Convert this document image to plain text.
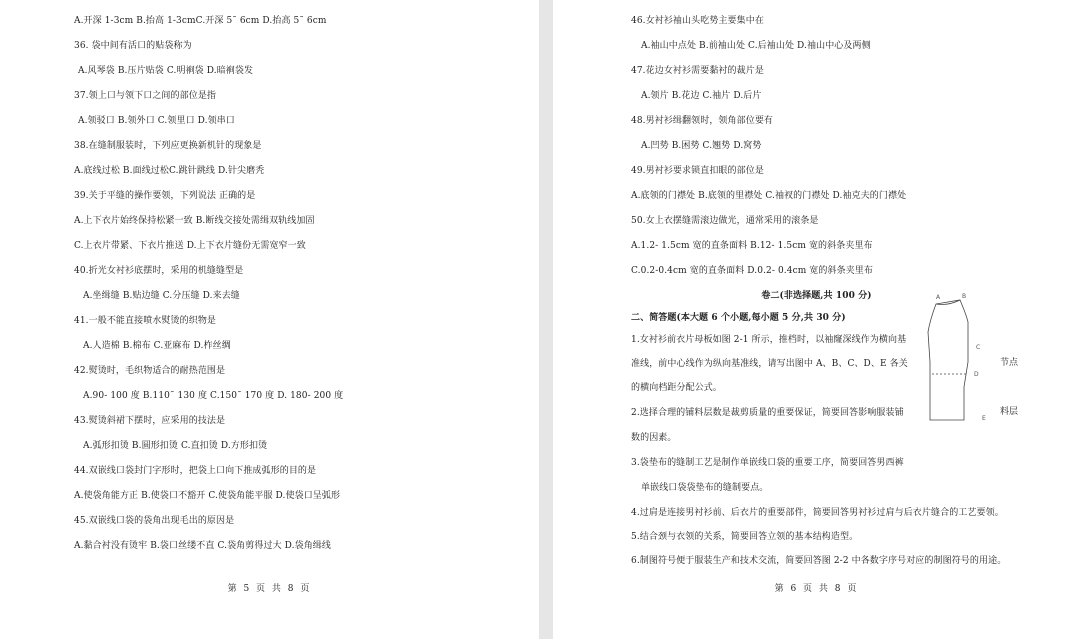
A.开深 1-3cm B.抬高 1-3cmC.开深 5˜ 6cm D.抬高 5˜ 6cm
36. 袋中间有活口的贴袋称为
A.风琴袋 B.压片贴袋 C.明裥袋 D.暗裥袋发
37.领上口与领下口之间的部位是指
A.领驳口 B.领外口 C.领里口 D.领串口
38.在缝制服装时，下列应更换新机针的现象是
A.底线过松 B.面线过松C.跳针跳线 D.针尖磨秃
39.关于平缝的操作要领，下列说法 正确的是
A.上下衣片始终保持松紧一致 B.断线交接处需缉双轨线加固
C.上衣片带紧、下衣片推送 D.上下衣片缝份无需宽窄一致
40.折光女衬衫底摆时，采用的机缝缝型是
A.坐缉缝 B.贴边缝 C.分压缝 D.来去缝
41.一般不能直接喷水熨烫的织物是
A.人造棉 B.棉布 C.亚麻布 D.柞丝绸
42.熨烫时，毛织物适合的耐热范围是
A.90- 100 度 B.110˜ 130 度 C.150˜ 170 度 D. 180- 200 度
43.熨烫斜裙下摆时，应采用的技法是
A.弧形扣烫 B.圆形扣烫 C.直扣烫 D.方形扣烫
44.双嵌线口袋封门字形时，把袋上口向下推成弧形的目的是
A.使袋角能方正 B.使袋口不豁开 C.使袋角能平服 D.使袋口呈弧形
45.双嵌线口袋的袋角出现毛出的原因是
A.黏合衬没有烫牢 B.袋口丝缕不直 C.袋角剪得过大 D.袋角缉线
第 5 页 共 8 页
46.女衬衫袖山头吃势主要集中在
A.袖山中点处 B.前袖山处 C.后袖山处 D.袖山中心及两侧
47.花边女衬衫需要黏衬的裁片是
A.领片 B.花边 C.袖片 D.后片
48.男衬衫缉翻领时，领角部位要有
A.凹势 B.困势 C.翘势 D.窝势
49.男衬衫要求锁直扣眼的部位是
A.底领的门襟处 B.底领的里襟处 C.袖衩的门襟处 D.袖克夫的门襟处
50.女上衣摆缝需滚边做光，通常采用的滚条是
A.1.2- 1.5cm 宽的直条面料 B.12- 1.5cm 宽的斜条夹里布
C.0.2-0.4cm 宽的直条面料 D.0.2- 0.4cm 宽的斜条夹里布
卷二(非选择题,共 100 分)
二、简答题(本大题 6 个小题,每小题 5 分,共 30 分)
1.女衬衫前衣片母板如图 2-1 所示，推档时，以袖窿深线作为横向基
准线，前中心线作为纵向基准线，请写出图中 A、B、C、D、E 各关
的横向档距分配公式。
2.选择合理的铺料层数是裁剪质量的重要保证，简要回答影响服装铺
数的因素。
3.袋垫布的缝制工艺是制作单嵌线口袋的重要工序，简要回答男西裤
单嵌线口袋袋垫布的缝制要点。
4.过肩是连接男衬衫前、后衣片的重要部件，简要回答男衬衫过肩与后衣片缝合的工艺要领。
5.结合颈与衣领的关系，简要回答立领的基本结构造型。
6.制图符号便于服装生产和技术交流，简要回答图 2-2 中各数字序号对应的制图符号的用途。
第 6 页 共 8 页
A	B
C
D
E
节点
料层
